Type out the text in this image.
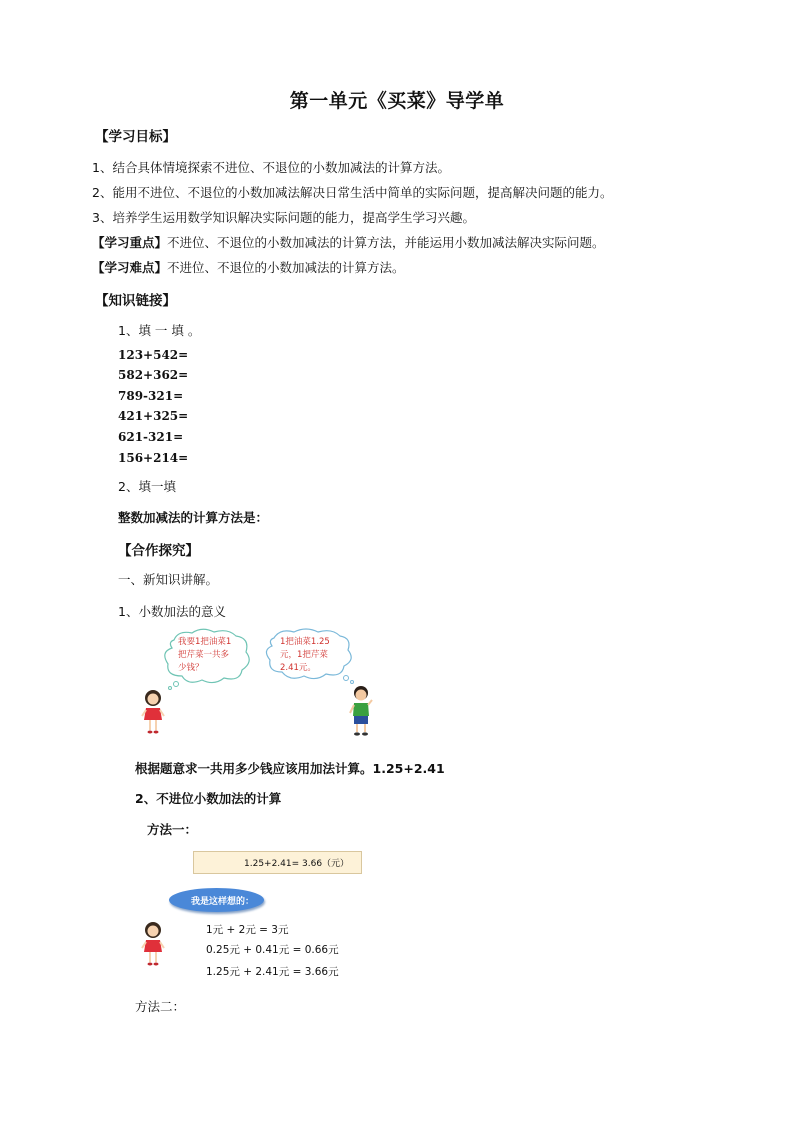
第一单元《买菜》导学单
【学习目标】
1、结合具体情境探索不进位、不退位的小数加减法的计算方法。
2、能用不进位、不退位的小数加减法解决日常生活中简单的实际问题，提高解决问题的能力。
3、培养学生运用数学知识解决实际问题的能力，提高学生学习兴趣。
【学习重点】不进位、不退位的小数加减法的计算方法，并能运用小数加减法解决实际问题。
【学习难点】不进位、不退位的小数加减法的计算方法。
【知识链接】
1、填 一 填 。
123+542=
582+362=
789-321=
421+325=
621-321=
156+214=
2、填一填
整数加减法的计算方法是：
【合作探究】
一、新知识讲解。
1、小数加法的意义
我要1把油菜1
把芹菜一共多
少钱？
1把油菜1.25
元，1把芹菜
2.41元。
根据题意求一共用多少钱应该用加法计算。1.25+2.41
2、不进位小数加法的计算
方法一：
1.25+2.41= 3.66（元）
我是这样想的：
1元 + 2元 = 3元
0.25元 + 0.41元 = 0.66元
1.25元 + 2.41元 = 3.66元
方法二：
